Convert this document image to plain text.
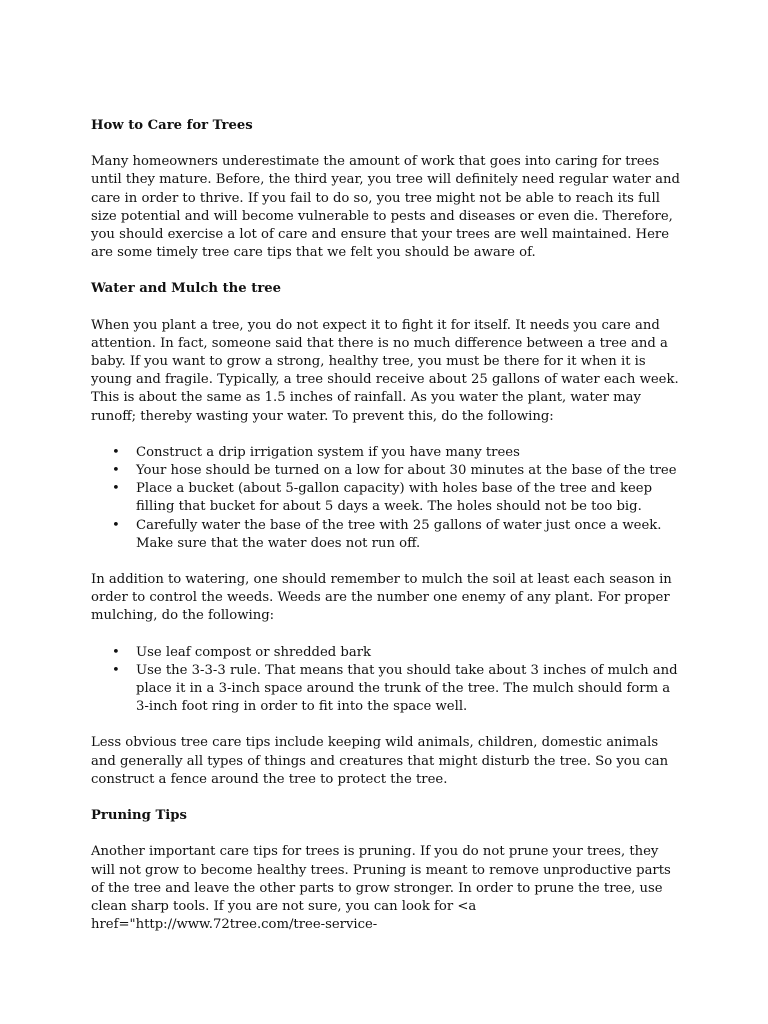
How to Care for Trees

Many homeowners underestimate the amount of work that goes into caring for trees until they mature. Before, the third year, you tree will definitely need regular water and care in order to thrive. If you fail to do so, you tree might not be able to reach its full size potential and will become vulnerable to pests and diseases or even die. Therefore, you should exercise a lot of care and ensure that your trees are well maintained. Here are some timely tree care tips that we felt you should be aware of.

Water and Mulch the tree

When you plant a tree, you do not expect it to fight it for itself. It needs you care and attention. In fact, someone said that there is no much difference between a tree and a baby. If you want to grow a strong, healthy tree, you must be there for it when it is young and fragile. Typically, a tree should receive about 25 gallons of water each week. This is about the same as 1.5 inches of rainfall. As you water the plant, water may runoff; thereby wasting your water. To prevent this, do the following:

• Construct a drip irrigation system if you have many trees
• Your hose should be turned on a low for about 30 minutes at the base of the tree
• Place a bucket (about 5-gallon capacity) with holes base of the tree and keep filling that bucket for about 5 days a week. The holes should not be too big.
• Carefully water the base of the tree with 25 gallons of water just once a week. Make sure that the water does not run off.

In addition to watering, one should remember to mulch the soil at least each season in order to control the weeds. Weeds are the number one enemy of any plant. For proper mulching, do the following:

• Use leaf compost or shredded bark
• Use the 3-3-3 rule. That means that you should take about 3 inches of mulch and place it in a 3-inch space around the trunk of the tree. The mulch should form a 3-inch foot ring in order to fit into the space well.

Less obvious tree care tips include keeping wild animals, children, domestic animals and generally all types of things and creatures that might disturb the tree. So you can construct a fence around the tree to protect the tree.

Pruning Tips

Another important care tips for trees is pruning. If you do not prune your trees, they will not grow to become healthy trees. Pruning is meant to remove unproductive parts of the tree and leave the other parts to grow stronger. In order to prune the tree, use clean sharp tools. If you are not sure, you can look for <a href="http://www.72tree.com/tree-service-
